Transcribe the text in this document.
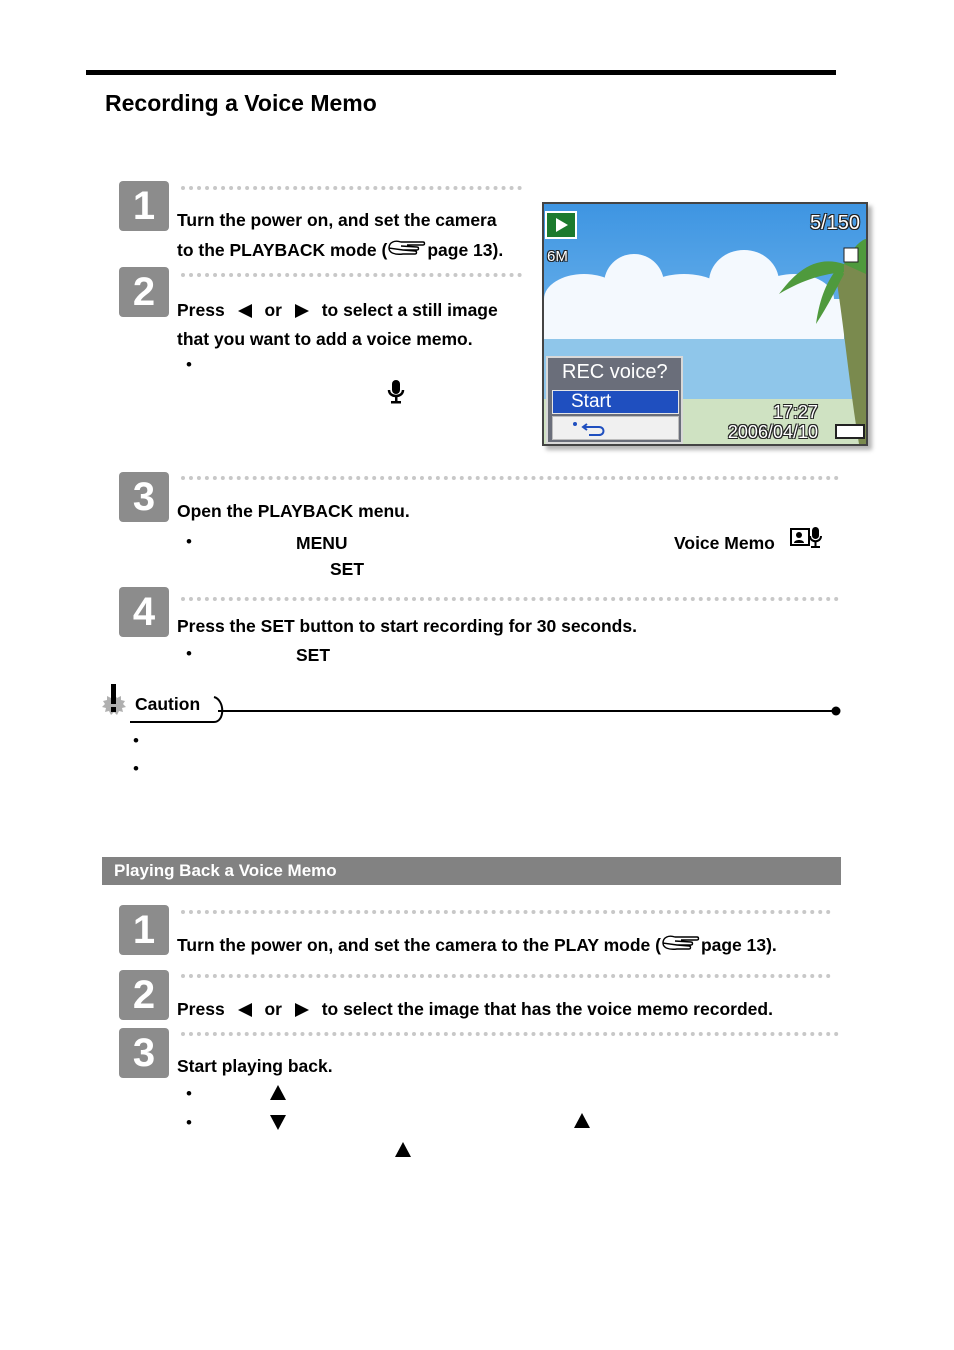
Recording a Voice Memo
1	Turn the power on, and set the camera
to the PLAYBACK mode ( page 13).
2	Press or to select a still image
that you want to add a voice memo.
•
5/150
6M
REC voice?
Start	17:27
2006/04/10
3	Open the PLAYBACK menu.
•	MENU	Voice Memo
SET
4	Press the SET button to start recording for 30 seconds.
•	SET
Caution
•
•
Playing Back a Voice Memo
1	Turn the power on, and set the camera to the PLAY mode ( page 13).
2	Press or to select the image that has the voice memo recorded.
3	Start playing back.
•
•
